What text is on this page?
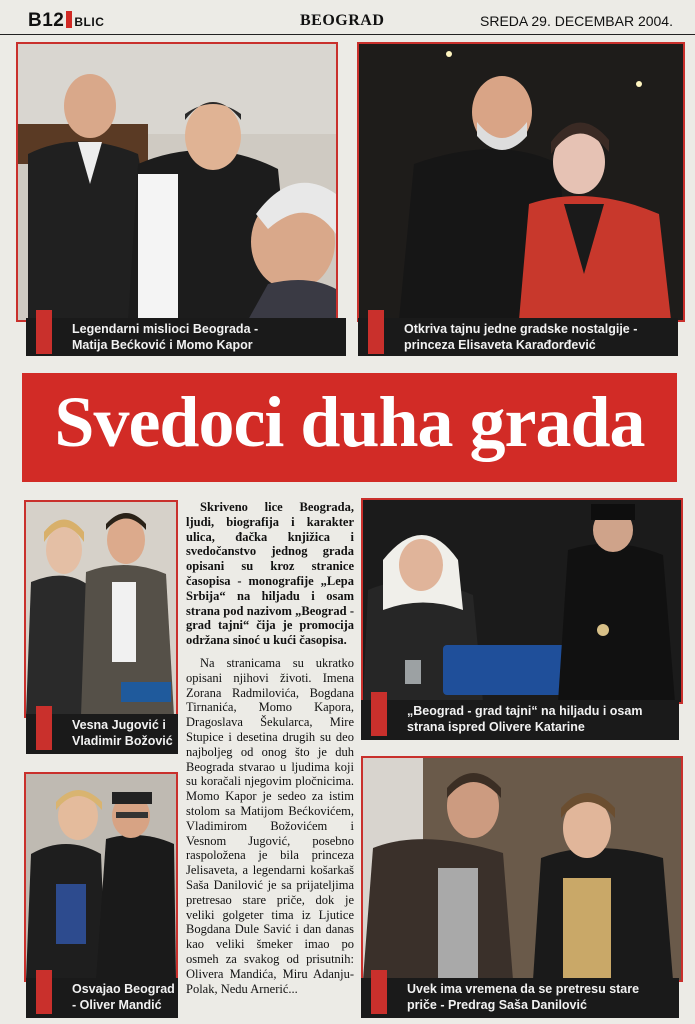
B12 BLIC	BEOGRAD	SREDA 29. DECEMBAR 2004.
Legendarni mislioci Beograda -
Matija Bećković i Momo Kapor
Otkriva tajnu jedne gradske nostalgije -
princeza Elisaveta Karađorđević
Svedoci duha grada
Vesna Jugović i
Vladimir Božović
Osvajao Beograd
- Oliver Mandić

Skriveno lice Beograda, ljudi, biografija i karakter ulica, đačka knjižica i svedočanstvo jednog grada opisani su kroz stranice časopisa - monografije „Lepa Srbija“ na hiljadu i osam strana pod nazivom „Beograd - grad tajni“ čija je promocija održana sinoć u kući časopisa.

Na stranicama su ukratko opisani njihovi životi. Imena Zorana Radmilovića, Bogdana Tirnanića, Momo Kapora, Dragoslava Šekularca, Mire Stupice i desetina drugih su deo najboljeg od onog što je duh Beograda stvarao u ljudima koji su koračali njegovim pločnicima. Momo Kapor je sedeo za istim stolom sa Matijom Bećkovićem, Vladimirom Božovićem i Vesnom Jugović, posebno raspoložena je bila princeza Jelisaveta, a legendarni košarkaš Saša Danilović je sa prijateljima pretresao stare priče, dok je veliki golgeter tima iz Ljutice Bogdana Dule Savić i dan danas kao veliki šmeker imao po osmeh za svakog od prisutnih: Olivera Mandića, Miru Adanju-Polak, Nedu Arnerić...

„Beograd - grad tajni“ na hiljadu i osam
strana ispred Olivere Katarine
Uvek ima vremena da se pretresu stare
priče - Predrag Saša Danilović
